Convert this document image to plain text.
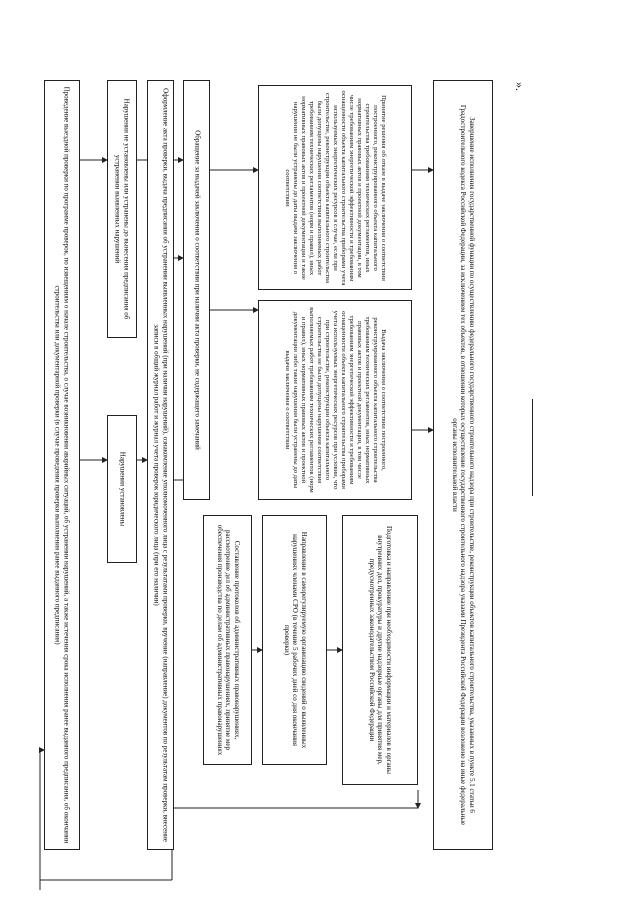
».
Проведение выездной проверки по программе проверок, по извещениям о начале строительства, о случае возникновения аварийных ситуаций, об устранении нарушений, а также истечения срока исполнения ранее выданного предписания, об окончании строительства или документарной проверки (в случае проведения проверки выполнения ранее выданного предписания)
Нарушения не установлены или устранены до вынесения предписания об устранении выявленных нарушений
Нарушения установлены	Оформление акта проверки, выдача предписания об устранении выявленных нарушений (при наличии нарушений), ознакомление уполномоченного лица с результатами проверки, вручение (направление) документов по результатам проверки, внесение записи в общий журнал работ и журнал учета проверок юридического лица (при его наличии)
Обращение за выдачей заключения о соответствии при наличии акта проверки, не содержащего замечаний
Составление протоколов об административных правонарушениях, рассмотрение дел об административных правонарушениях, принятие мер обеспечения производства по делам об административных правонарушениях	Направление в саморегулируемую организацию сведений о выявленных нарушениях членами СРО (в течение 5 рабочих дней со дня окончания проверки)	Подготовка и направление при необходимости информации и материалов в органы внутренних дел, прокуратуры и другие надзорные органы для принятия мер, предусмотренных законодательством Российской Федерации
Выдача заключения о соответствии построенного, реконструированного объекта капитального строительства требованиям технических регламентов, иных нормативных правовых актов и проектной документации, в том числе требованиям энергетической эффективности и требованиям оснащенности объекта капитального строительства приборами учета используемых энергетических ресурсов при условии, что при строительстве, реконструкции объекта капитального строительства не были допущены нарушения соответствия выполняемых работ требованиям технических регламентов (норм и правил), иных нормативных правовых актов и проектной документации либо такие нарушения были устранены до даты выдачи заключения о соответствии
Принятие решения об отказе в выдаче заключения о соответствии построенного, реконструированного объекта капитального строительства требованиям технических регламентов, иных нормативных правовых актов и проектной документации, в том числе требованиям энергетической эффективности и требованиям оснащенности объекта капитального строительства приборами учета используемых энергетических ресурсов в случае, если при строительстве, реконструкции объекта капитального строительства были допущены нарушения соответствия выполняемых работ требованиям технических регламентов (норм и правил), иных нормативных правовых актов и проектной документации и такие нарушения не были устранены до даты выдачи заключения о соответствии	Завершение исполнения государственной функции по осуществлению федерального государственного строительного надзора при строительстве, реконструкции объектов капитального строительства, указанных в пункте 5.1 статьи 6 Градостроительного кодекса Российской Федерации, за исключением тех объектов, в отношении которых осуществление государственного строительного надзора указами Президента Российской Федерации возложено на иные федеральные органы исполнительной власти
